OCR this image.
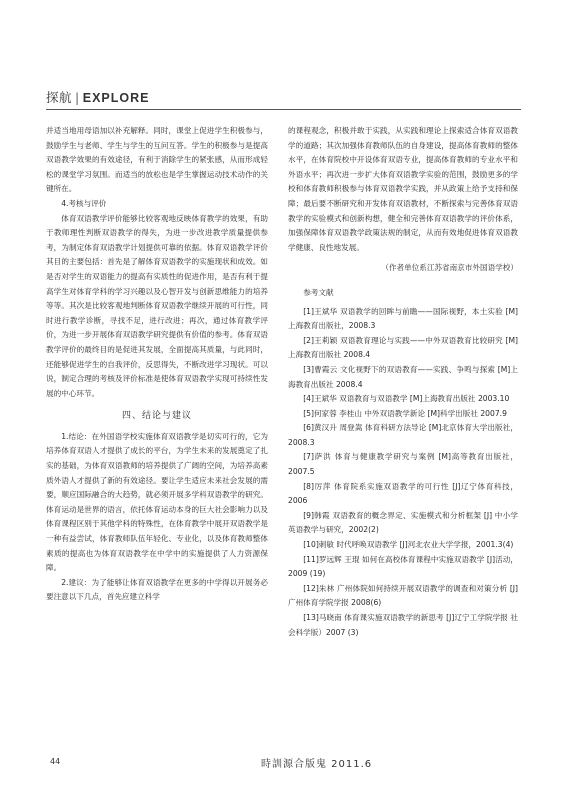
探航 | EXPLORE

并适当地用母语加以补充解释。同时，课堂上促进学生积极参与，鼓励学生与老师、学生与学生的互问互答。学生的积极参与是提高双语教学效果的有效途径，有利于消除学生的紧张感，从而形成轻松的课堂学习氛围。而适当的放松也是学生掌握运动技术动作的关键所在。

4.考核与评价

体育双语教学评价能够比较客观地反映体育教学的效果，有助于教师理性判断双语教学的得失，为进一步改进教学质量提供参考，为制定体育双语教学计划提供可靠的依据。体育双语教学评价其目的主要包括：首先是了解体育双语教学的实施现状和成效。如是否对学生的双语能力的提高有实质性的促进作用，是否有利于提高学生对体育学科的学习兴趣以及心智开发与创新思维能力的培养等等。其次是比较客观地判断体育双语教学继续开展的可行性，同时进行教学诊断，寻找不足，进行改进；再次，通过体育教学评价，为进一步开展体育双语教学研究提供有价值的参考。体育双语教学评价的最终目的是促进其发展，全面提高其质量，与此同时，还能够促进学生的自我评价，反思得失，不断改进学习现状。可以说，制定合理的考核及评价标准是使体育双语教学实现可持续性发展的中心环节。

四、结论与建议

1.结论：在外国语学校实施体育双语教学是切实可行的，它为培养体育双语人才提供了成长的平台，为学生未来的发展奠定了扎实的基础，为体育双语教师的培养提供了广阔的空间，为培养高素质外语人才提供了新的有效途径。要让学生适应未来社会发展的需要，顺应国际融合的大趋势，就必须开展多学科双语教学的研究。体育运动是世界的语言，依托体育运动本身的巨大社会影响力以及体育课程区别于其他学科的特殊性，在体育教学中展开双语教学是一种有益尝试，体育教师队伍年轻化、专业化，以及体育教师整体素质的提高也为体育双语教学在中学中的实施提供了人力资源保障。

2.建议：为了能够让体育双语教学在更多的中学得以开展务必要注意以下几点，首先应建立科学

的课程观念，积极并敢于实践，从实践和理论上探索适合体育双语教学的道路；其次加强体育教师队伍的自身建设，提高体育教师的整体水平，在体育院校中开设体育双语专业，提高体育教师的专业水平和外语水平；再次进一步扩大体育双语教学实验的范围，鼓励更多的学校和体育教师积极参与体育双语教学实践，并从政策上给予支持和保障；最后要不断研究和开发体育双语教材，不断探索与完善体育双语教学的实验模式和创新构想，健全和完善体育双语教学的评价体系，加强保障体育双语教学政策法规的制定，从而有效地促进体育双语教学健康、良性地发展。

（作者单位系江苏省南京市外国语学校）
参考文献

[1]王斌华 双语教学的回眸与前瞻——国际视野，本土实验 [M]上海教育出版社，2008.3

[2]王莉颖 双语教育理论与实践——中外双语教育比较研究 [M]上海教育出版社 2008.4

[3]曹霞云 文化视野下的双语教育——实践、争鸣与探索 [M]上海教育出版社 2008.4

[4]王斌华 双语教育与双语教学 [M]上海教育出版社 2003.10

[5]何家蓉 李桂山 中外双语教学新论 [M]科学出版社 2007.9

[6]黄汉升 周登嵩 体育科研方法导论 [M]北京体育大学出版社，2008.3

[7]萨洪 体育与健康教学研究与案例 [M]高等教育出版社，2007.5

[8]厉萍 体育院系实施双语教学的可行性 [J]辽宁体育科技，2006

[9]韩霞 双语教育的概念界定、实施模式和分析框架 [J] 中小学英语教学与研究，2002(2)

[10]刺敏 时代呼唤双语教学 [J]河北农业大学学报，2001.3(4)

[11]罗远辉 王琨 如何在高校体育课程中实施双语教学 [J]活动，2009 (19)

[12]朱林 广州体院如何持续开展双语教学的调查和对策分析 [J]广州体育学院学报 2008(6)

[13]马晓南 体育课实施双语教学的新思考 [J]辽宁工学院学报 社会科学版）2007 (3)

44	時訓源合版鬼 2011.6
